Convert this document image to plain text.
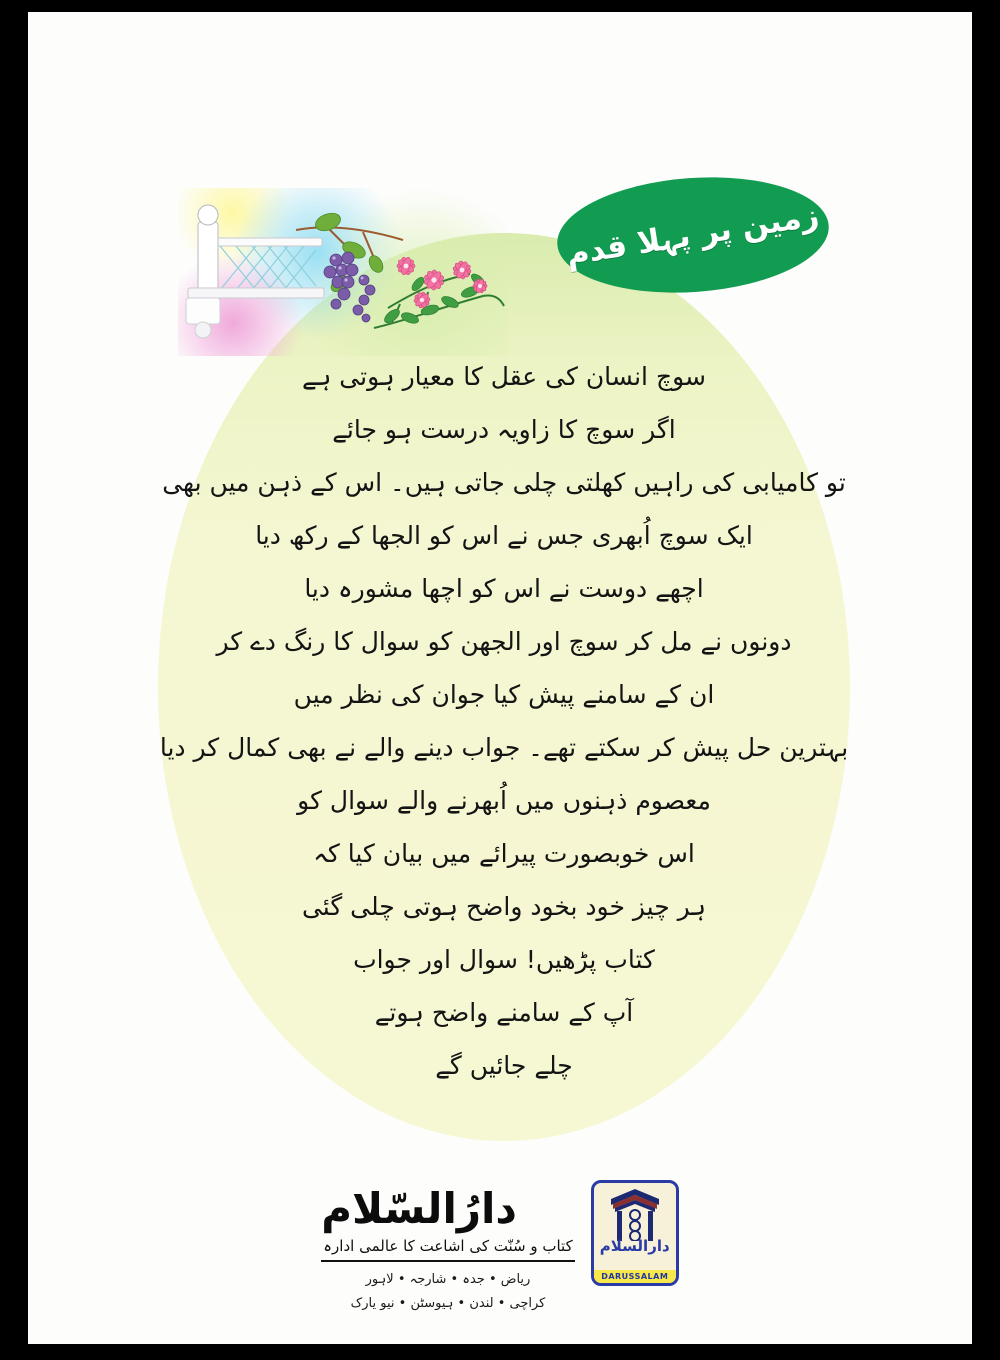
زمین پر پہلا قدم
سوچ انسان کی عقل کا معیار ہوتی ہے
اگر سوچ کا زاویہ درست ہو جائے
تو کامیابی کی راہیں کھلتی چلی جاتی ہیں۔ اس کے ذہن میں بھی
ایک سوچ اُبھری جس نے اس کو الجھا کے رکھ دیا
اچھے دوست نے اس کو اچھا مشورہ دیا
دونوں نے مل کر سوچ اور الجھن کو سوال کا رنگ دے کر
ان کے سامنے پیش کیا جوان کی نظر میں
بہترین حل پیش کر سکتے تھے۔ جواب دینے والے نے بھی کمال کر دیا
معصوم ذہنوں میں اُبھرنے والے سوال کو
اس خوبصورت پیرائے میں بیان کیا کہ
ہر چیز خود بخود واضح ہوتی چلی گئی
کتاب پڑھیں! سوال اور جواب
آپ کے سامنے واضح ہوتے
چلے جائیں گے
دارُالسّلام
کتاب و سُنّت کی اشاعت کا عالمی ادارہ
ریاض • جدہ • شارجہ • لاہور
کراچی • لندن • ہیوسٹن • نیو یارک
دارالسلام
DARUSSALAM
